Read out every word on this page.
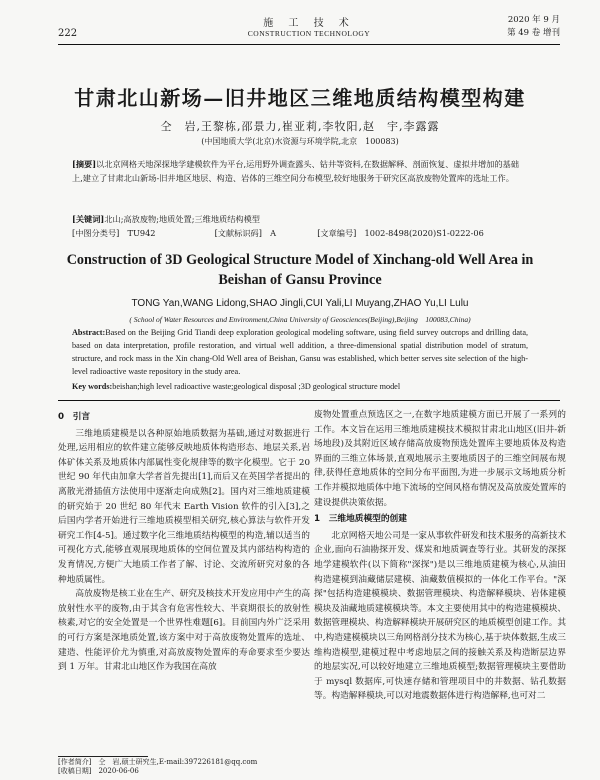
222
施 工 技 术
CONSTRUCTION TECHNOLOGY
2020 年 9 月
第 49 卷 增刊
甘肃北山新场—旧井地区三维地质结构模型构建
仝　岩,王黎栋,邵景力,崔亚莉,李牧阳,赵　宇,李露露
(中国地质大学(北京)水资源与环境学院,北京　100083)
[摘要]以北京网格天地深探地学建模软件为平台,运用野外调查露头、钻井等资料,在数据解释、剖面恢复、虚拟井增加的基础上,建立了甘肃北山新场-旧井地区地层、构造、岩体的三维空间分布模型,较好地服务于研究区高放废物处置库的选址工作。
[关键词]北山;高放废物;地质处置;三维地质结构模型
[中图分类号]　TU942	[文献标识码]　A	[文章编号]　1002-8498(2020)S1-0222-06
Construction of 3D Geological Structure Model of Xinchang-old Well Area in Beishan of Gansu Province
TONG Yan,WANG Lidong,SHAO Jingli,CUI Yali,LI Muyang,ZHAO Yu,LI Lulu
( School of Water Resources and Environment,China University of Geosciences(Beijing),Beijing　100083,China)
Abstract:Based on the Beijing Grid Tiandi deep exploration geological modeling software, using field survey outcrops and drilling data, based on data interpretation, profile restoration, and virtual well addition, a three-dimensional spatial distribution model of stratum, structure, and rock mass in the Xin chang-Old Well area of Beishan, Gansu was established, which better serves site selection of the high-level radioactive waste repository in the study area.
Key words:beishan;high level radioactive waste;geological disposal ;3D geological structure model
0　引言

三维地质建模是以各种原始地质数据为基础,通过对数据进行处理,运用相应的软件建立能够反映地质体构造形态、地层关系,岩体矿体关系及地质体内部属性变化规律等的数字化模型。它于 20 世纪 90 年代由加拿大学者首先提出[1],而后又在英国学者提出的离散光滑插值方法使用中逐渐走向成熟[2]。国内对三维地质建模的研究始于 20 世纪 80 年代末 Earth Vision 软件的引入[3],之后国内学者开始进行三维地质模型相关研究,核心算法与软件开发研究工作[4-5]。通过数字化三维地质结构模型的构造,辅以适当的可视化方式,能够直观展现地质体的空间位置及其内部结构构造的发育情况,方便广大地质工作者了解、讨论、交流所研究对象的各种地质属性。

高放废物是核工业在生产、研究及核技术开发应用中产生的高放射性水平的废物,由于其含有危害性较大、半衰期很长的放射性核素,对它的安全处置是一个世界性难题[6]。目前国内外广泛采用的可行方案是深地质处置,该方案中对于高放废物处置库的选址、建造、性能评价尤为慎重,对高放废物处置库的寿命要求至少要达到 1 万年。甘肃北山地区作为我国在高放

废物处置重点预选区之一,在数字地质建模方面已开展了一系列的工作。本文旨在运用三维地质建模技术模拟甘肃北山地区(旧井-新场地段)及其附近区域存储高放废物预选处置库主要地质体及构造界面的三维立体场景,直观地展示主要地质因子的三维空间展布规律,获得任意地质体的空间分布平面图,为进一步展示文场地质分析工作并模拟地质体中地下流场的空间风格布情况及高放废处置库的建设提供决策依据。

1　三维地质模型的创建

北京网格天地公司是一家从事软件研发和技术服务的高新技术企业,面向石油勘探开发、煤炭和地质调查等行业。其研发的深探地学建模软件(以下简称"深探")是以三维地质建模为核心,从油田构造建模到油藏储层建模、油藏数值模拟的一体化工作平台。"深探"包括构造建模模块、数据管理模块、构造解释模块、岩体建模模块及油藏地质建模模块等。本文主要使用其中的构造建模模块、数据管理模块、构造解释模块开展研究区的地质模型创建工作。其中,构造建模模块以三角网格剖分技术为核心,基于块体数据,生成三维构造模型,建模过程中考虑地层之间的接触关系及构造断层边界的地层实况,可以较好地建立三维地质模型;数据管理模块主要借助于 mysql 数据库,可快速存储和管理项目中的井数据、钻孔数据等。构造解释模块,可以对地震数据体进行构造解释,也可对二

[作者简介]　仝　岩,硕士研究生,E-mail:397226181@qq.com
[收稿日期]　2020-06-06
